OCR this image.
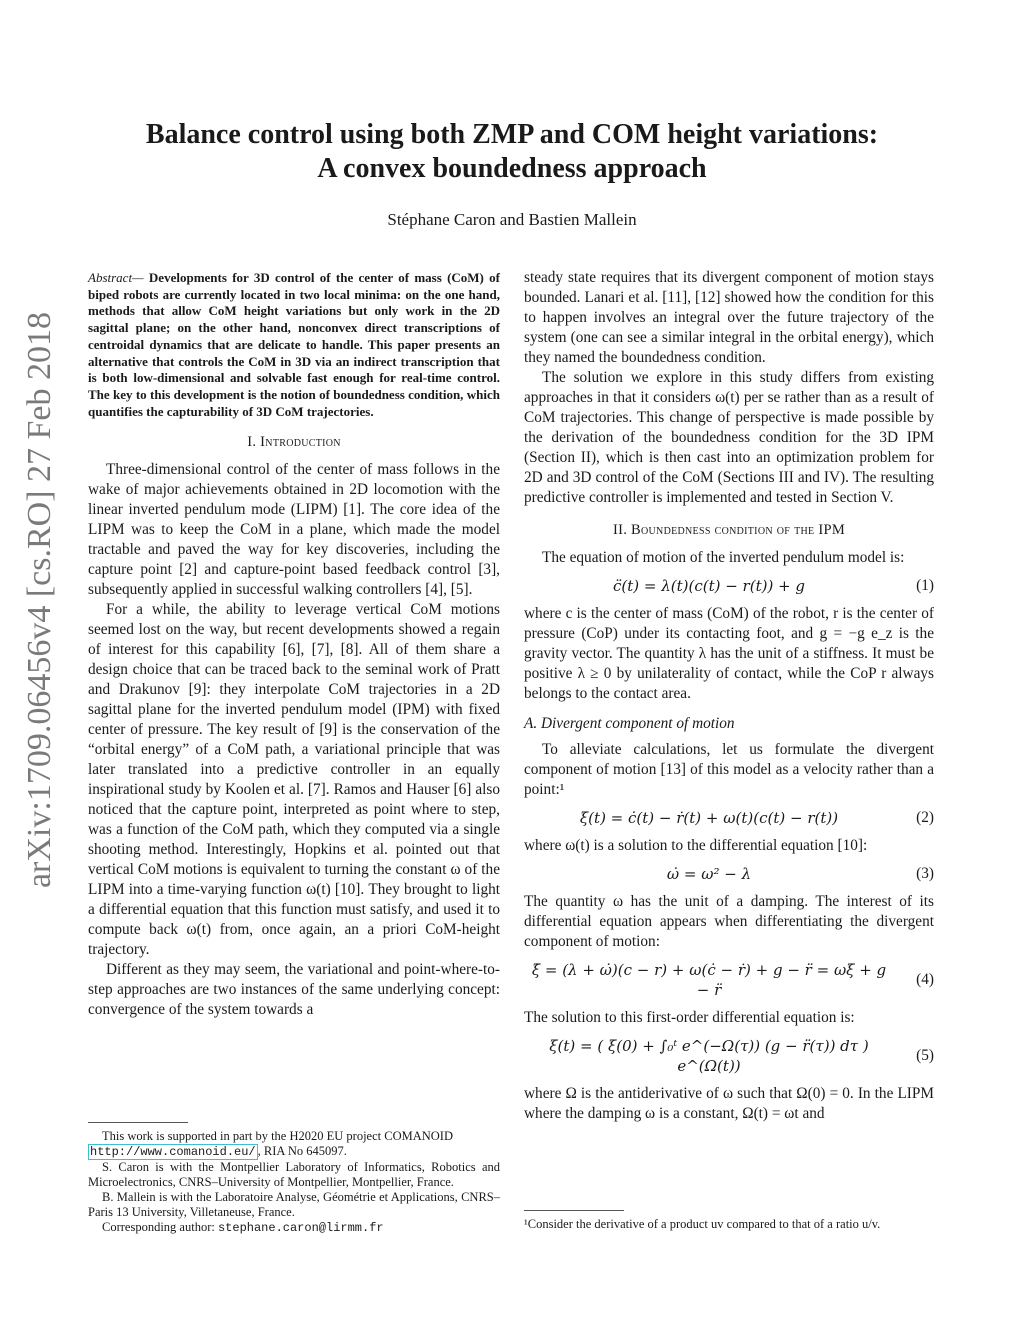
arXiv:1709.06456v4 [cs.RO] 27 Feb 2018
Balance control using both ZMP and COM height variations:
A convex boundedness approach
Stéphane Caron and Bastien Mallein
Abstract— Developments for 3D control of the center of mass (CoM) of biped robots are currently located in two local minima: on the one hand, methods that allow CoM height variations but only work in the 2D sagittal plane; on the other hand, nonconvex direct transcriptions of centroidal dynamics that are delicate to handle. This paper presents an alternative that controls the CoM in 3D via an indirect transcription that is both low-dimensional and solvable fast enough for real-time control. The key to this development is the notion of boundedness condition, which quantifies the capturability of 3D CoM trajectories.
I. Introduction

Three-dimensional control of the center of mass follows in the wake of major achievements obtained in 2D locomotion with the linear inverted pendulum mode (LIPM) [1]. The core idea of the LIPM was to keep the CoM in a plane, which made the model tractable and paved the way for key discoveries, including the capture point [2] and capture-point based feedback control [3], subsequently applied in successful walking controllers [4], [5].

For a while, the ability to leverage vertical CoM motions seemed lost on the way, but recent developments showed a regain of interest for this capability [6], [7], [8]. All of them share a design choice that can be traced back to the seminal work of Pratt and Drakunov [9]: they interpolate CoM trajectories in a 2D sagittal plane for the inverted pendulum model (IPM) with fixed center of pressure. The key result of [9] is the conservation of the “orbital energy” of a CoM path, a variational principle that was later translated into a predictive controller in an equally inspirational study by Koolen et al. [7]. Ramos and Hauser [6] also noticed that the capture point, interpreted as point where to step, was a function of the CoM path, which they computed via a single shooting method. Interestingly, Hopkins et al. pointed out that vertical CoM motions is equivalent to turning the constant ω of the LIPM into a time-varying function ω(t) [10]. They brought to light a differential equation that this function must satisfy, and used it to compute back ω(t) from, once again, an a priori CoM-height trajectory.

Different as they may seem, the variational and point-where-to-step approaches are two instances of the same underlying concept: convergence of the system towards a

This work is supported in part by the H2020 EU project COMANOID
http://www.comanoid.eu/ , RIA No 645097.
S. Caron is with the Montpellier Laboratory of Informatics, Robotics and Microelectronics, CNRS–University of Montpellier, Montpellier, France.
B. Mallein is with the Laboratoire Analyse, Géométrie et Applications, CNRS–Paris 13 University, Villetaneuse, France.
Corresponding author: stephane.caron@lirmm.fr

steady state requires that its divergent component of motion stays bounded. Lanari et al. [11], [12] showed how the condition for this to happen involves an integral over the future trajectory of the system (one can see a similar integral in the orbital energy), which they named the boundedness condition.

The solution we explore in this study differs from existing approaches in that it considers ω(t) per se rather than as a result of CoM trajectories. This change of perspective is made possible by the derivation of the boundedness condition for the 3D IPM (Section II), which is then cast into an optimization problem for 2D and 3D control of the CoM (Sections III and IV). The resulting predictive controller is implemented and tested in Section V.

II. Boundedness condition of the IPM

The equation of motion of the inverted pendulum model is:

c̈(t) = λ(t)(c(t) − r(t)) + g	(1)

where c is the center of mass (CoM) of the robot, r is the center of pressure (CoP) under its contacting foot, and g = −g e_z is the gravity vector. The quantity λ has the unit of a stiffness. It must be positive λ ≥ 0 by unilaterality of contact, while the CoP r always belongs to the contact area.

A. Divergent component of motion

To alleviate calculations, let us formulate the divergent component of motion [13] of this model as a velocity rather than a point:¹

ξ(t) = ċ(t) − ṙ(t) + ω(t)(c(t) − r(t))	(2)

where ω(t) is a solution to the differential equation [10]:

ω̇ = ω² − λ	(3)

The quantity ω has the unit of a damping. The interest of its differential equation appears when differentiating the divergent component of motion:

ξ̇ = (λ + ω̇)(c − r) + ω(ċ − ṙ) + g − r̈ = ωξ + g − r̈
(4)

The solution to this first-order differential equation is:

ξ(t) = ( ξ(0) + ∫₀ᵗ e^(−Ω(τ)) (g − r̈(τ)) dτ ) e^(Ω(t))
(5)

where Ω is the antiderivative of ω such that Ω(0) = 0. In the LIPM where the damping ω is a constant, Ω(t) = ωt and

¹Consider the derivative of a product uv compared to that of a ratio u/v.
